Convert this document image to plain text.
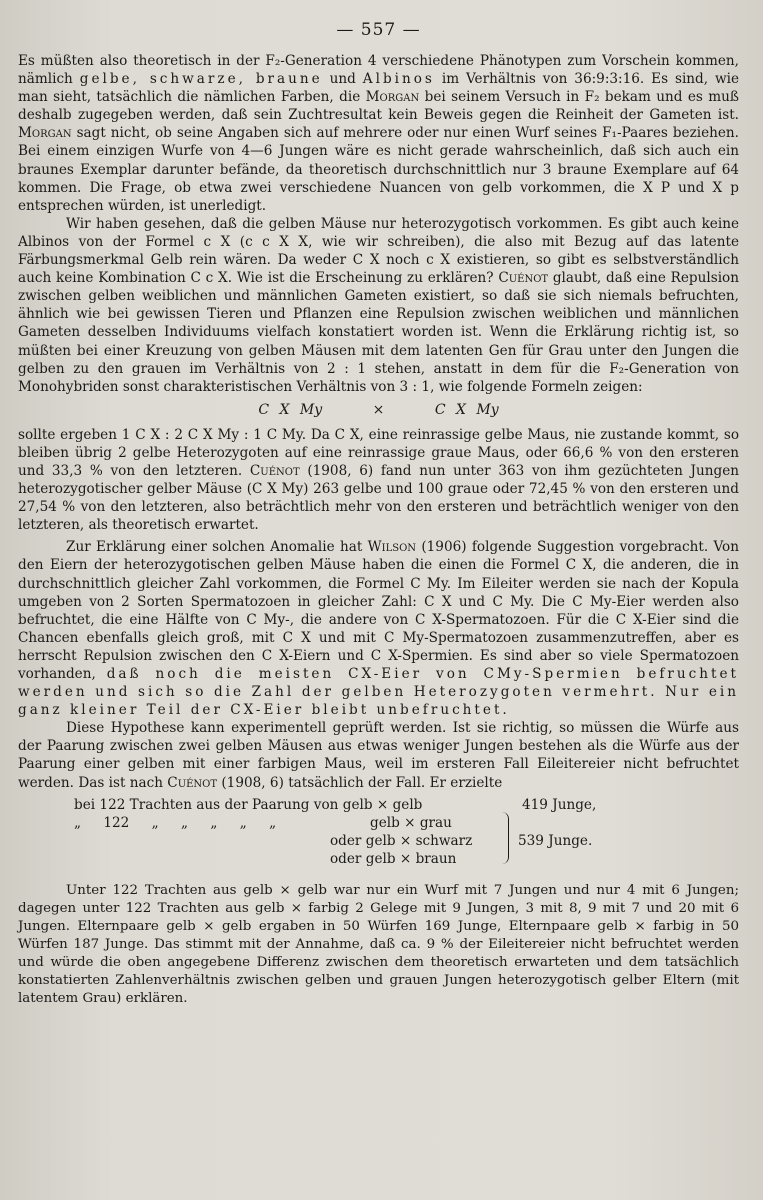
— 557 —

Es müßten also theoretisch in der F₂-Generation 4 verschiedene Phänotypen zum Vorschein kommen, nämlich gelbe, schwarze, braune und Albinos im Verhältnis von 36:9:3:16. Es sind, wie man sieht, tatsächlich die nämlichen Farben, die Morgan bei seinem Versuch in F₂ bekam und es muß deshalb zugegeben werden, daß sein Zuchtresultat kein Beweis gegen die Reinheit der Gameten ist. Morgan sagt nicht, ob seine Angaben sich auf mehrere oder nur einen Wurf seines F₁-Paares beziehen. Bei einem einzigen Wurfe von 4—6 Jungen wäre es nicht gerade wahrscheinlich, daß sich auch ein braunes Exemplar darunter befände, da theoretisch durchschnittlich nur 3 braune Exemplare auf 64 kommen. Die Frage, ob etwa zwei verschiedene Nuancen von gelb vorkommen, die X P und X p entsprechen würden, ist unerledigt.

Wir haben gesehen, daß die gelben Mäuse nur heterozygotisch vorkommen. Es gibt auch keine Albinos von der Formel c X (c c X X, wie wir schreiben), die also mit Bezug auf das latente Färbungsmerkmal Gelb rein wären. Da weder C X noch c X existieren, so gibt es selbstverständlich auch keine Kombination C c X. Wie ist die Erscheinung zu erklären? Cuénot glaubt, daß eine Repulsion zwischen gelben weiblichen und männlichen Gameten existiert, so daß sie sich niemals befruchten, ähnlich wie bei gewissen Tieren und Pflanzen eine Repulsion zwischen weiblichen und männlichen Gameten desselben Individuums vielfach konstatiert worden ist. Wenn die Erklärung richtig ist, so müßten bei einer Kreuzung von gelben Mäusen mit dem latenten Gen für Grau unter den Jungen die gelben zu den grauen im Verhältnis von 2 : 1 stehen, anstatt in dem für die F₂-Generation von Monohybriden sonst charakteristischen Verhältnis von 3 : 1, wie folgende Formeln zeigen:

C X My	×	C X My

sollte ergeben 1 C X : 2 C X My : 1 C My. Da C X, eine reinrassige gelbe Maus, nie zustande kommt, so bleiben übrig 2 gelbe Heterozygoten auf eine reinrassige graue Maus, oder 66,6 % von den ersteren und 33,3 % von den letzteren. Cuénot (1908, 6) fand nun unter 363 von ihm gezüchteten Jungen heterozygotischer gelber Mäuse (C X My) 263 gelbe und 100 graue oder 72,45 % von den ersteren und 27,54 % von den letzteren, also beträchtlich mehr von den ersteren und beträchtlich weniger von den letzteren, als theoretisch erwartet.

Zur Erklärung einer solchen Anomalie hat Wilson (1906) folgende Suggestion vorgebracht. Von den Eiern der heterozygotischen gelben Mäuse haben die einen die Formel C X, die anderen, die in durchschnittlich gleicher Zahl vorkommen, die Formel C My. Im Eileiter werden sie nach der Kopula umgeben von 2 Sorten Spermatozoen in gleicher Zahl: C X und C My. Die C My-Eier werden also befruchtet, die eine Hälfte von C My-, die andere von C X-Spermatozoen. Für die C X-Eier sind die Chancen ebenfalls gleich groß, mit C X und mit C My-Spermatozoen zusammenzutreffen, aber es herrscht Repulsion zwischen den C X-Eiern und C X-Spermien. Es sind aber so viele Spermatozoen vorhanden, daß noch die meisten CX-Eier von CMy-Spermien befruchtet werden und sich so die Zahl der gelben Heterozygoten vermehrt. Nur ein ganz kleiner Teil der CX-Eier bleibt unbefruchtet.

Diese Hypothese kann experimentell geprüft werden. Ist sie richtig, so müssen die Würfe aus der Paarung zwischen zwei gelben Mäusen aus etwas weniger Jungen bestehen als die Würfe aus der Paarung einer gelben mit einer farbigen Maus, weil im ersteren Fall Eileitereier nicht befruchtet werden. Das ist nach Cuénot (1908, 6) tatsächlich der Fall. Er erzielte

bei 122 Trachten aus der Paarung von gelb × gelb	419 Junge,
„ 122 „ „ „ „ „	gelb × grau
oder gelb × schwarz
oder gelb × braun
539 Junge.

Unter 122 Trachten aus gelb × gelb war nur ein Wurf mit 7 Jungen und nur 4 mit 6 Jungen; dagegen unter 122 Trachten aus gelb × farbig 2 Gelege mit 9 Jungen, 3 mit 8, 9 mit 7 und 20 mit 6 Jungen. Elternpaare gelb × gelb ergaben in 50 Würfen 169 Junge, Elternpaare gelb × farbig in 50 Würfen 187 Junge. Das stimmt mit der Annahme, daß ca. 9 % der Eileitereier nicht befruchtet werden und würde die oben angegebene Differenz zwischen dem theoretisch erwarteten und dem tatsächlich konstatierten Zahlenverhältnis zwischen gelben und grauen Jungen heterozygotisch gelber Eltern (mit latentem Grau) erklären.
